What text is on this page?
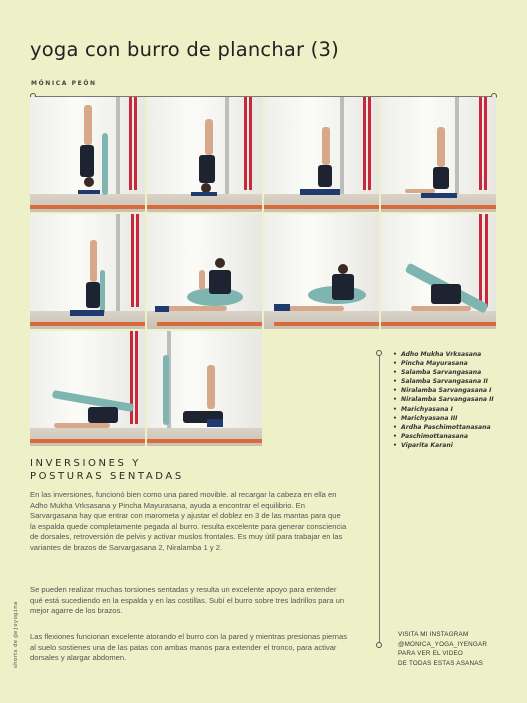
yoga con burro de planchar (3)
MÓNICA PEÓN
• Adho Mukha Vrksasana
• Pincha Mayurasana
• Salamba Sarvangasana
• Salamba Sarvangasana II
• Niralamba Sarvangasana I
• Niralamba Sarvangasana II
• Marichyasana I
• Marichyasana III
• Ardha Paschimottanasana
• Paschimottanasana
• Viparita Karani
INVERSIONES Y
POSTURAS SENTADAS

En las inversiones, funcionó bien como una pared movible. al recargar la cabeza en ella en Adho Mukha Vrksasana y Pincha Mayurasana, ayuda a encontrar el equilibrio. En Sarvargasana hay que entrar con marometa y ajustar el doblez en 3 de las mantas para que la espalda quede completamente pegada al burro. resulta excelente para generar consciencia de dorsales, retroversión de pelvis y activar muslos frontales. Es muy útil para trabajar en las variantes de brazos de Sarvargasana 2, Niralamba 1 y 2.

Se pueden realizar muchas torsiones sentadas y resulta un excelente apoyo para entender qué está sucediendo en la espalda y en las costillas. Subí el burro sobre tres ladrillos para un mejor agarre de los brazos.

Las flexiones funcionan excelente atorando el burro con la pared y mientras presionas piernas al suelo sostienes una de las patas con ambas manos para extender el tronco, para activar dorsales y alargar abdomen.

shorts de @ejoyogina	VISITA MI INSTAGRAM
@MONICA_YOGA_IYENGAR
PARA VER EL VIDEO
DE TODAS ESTAS ASANAS
